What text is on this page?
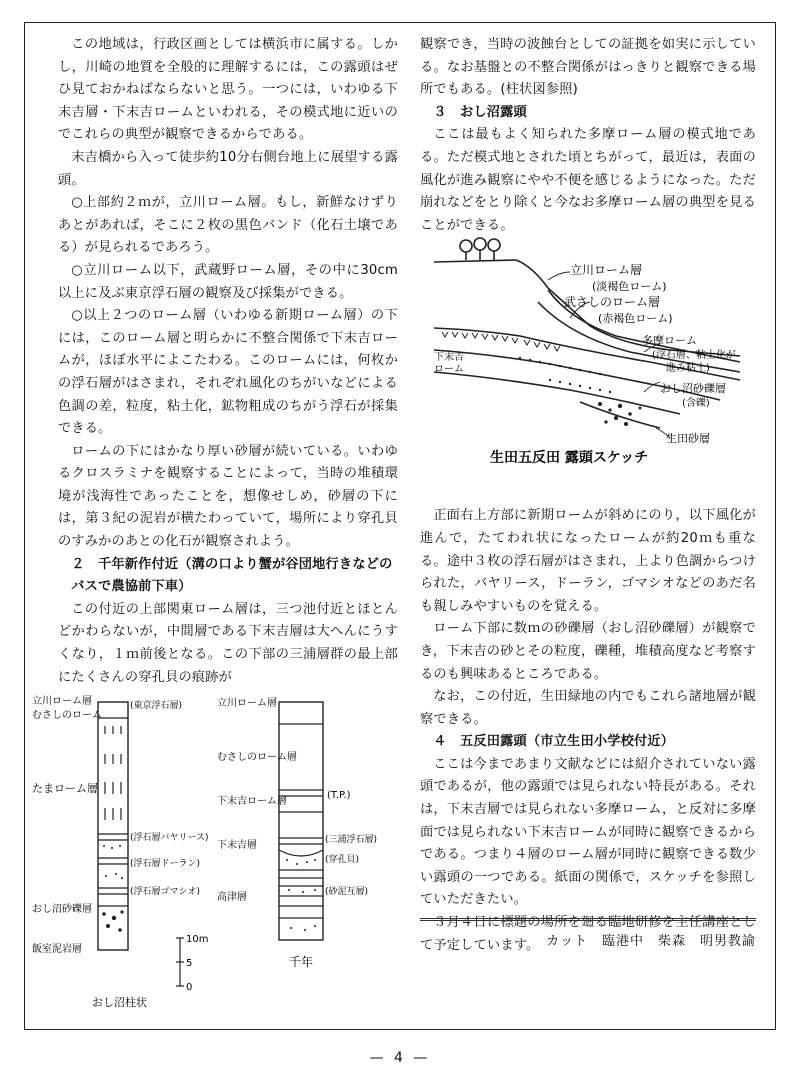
この地域は，行政区画としては横浜市に属する。しかし，川崎の地質を全般的に理解するには，この露頭はぜひ見ておかねばならないと思う。一つには，いわゆる下末吉層・下末吉ロームといわれる，その模式地に近いのでこれらの典型が観察できるからである。

末吉橋から入って徒歩約10分右側台地上に展望する露頭。

○上部約２ｍが，立川ローム層。もし，新鮮なけずりあとがあれば，そこに２枚の黒色バンド（化石土壌である）が見られるであろう。

○立川ローム以下，武蔵野ローム層，その中に30cm 以上に及ぶ東京浮石層の観察及び採集ができる。

○以上２つのローム層（いわゆる新期ローム層）の下には，このローム層と明らかに不整合関係で下末吉ロームが，ほぼ水平によこたわる。このロームには，何枚かの浮石層がはさまれ，それぞれ風化のちがいなどによる色調の差，粒度，粘土化，鉱物粗成のちがう浮石が採集できる。

ロームの下にはかなり厚い砂層が続いている。いわゆるクロスラミナを観察することによって，当時の堆積環境が浅海性であったことを，想像せしめ，砂層の下には，第３紀の泥岩が横たわっていて，場所により穿孔貝のすみかのあとの化石が観察されよう。

２　千年新作付近（溝の口より蟹が谷団地行きなどのバスで農協前下車）

この付近の上部関東ローム層は，三つ池付近とほとんどかわらないが，中間層である下末吉層は大へんにうすくなり，１ｍ前後となる。この下部の三浦層群の最上部にたくさんの穿孔貝の痕跡が

観察でき，当時の波蝕台としての証拠を如実に示している。なお基盤との不整合関係がはっきりと観察できる場所でもある。(柱状図参照)

３　おし沼露頭

ここは最もよく知られた多摩ローム層の模式地である。ただ模式地とされた頃とちがって，最近は，表面の風化が進み観察にやや不便を感じるようになった。ただ崩れなどをとり除くと今なお多摩ローム層の典型を見ることができる。

正面右上方部に新期ロームが斜めにのり，以下風化が進んで，たてわれ状になったロームが約20ｍも重なる。途中３枚の浮石層がはさまれ，上より色調からつけられた，バヤリース，ドーラン，ゴマシオなどのあだ名も親しみやすいものを覚える。

ローム下部に数ｍの砂礫層（おし沼砂礫層）が観察でき，下末吉の砂とその粒度，礫種，堆積高度など考察するのも興味あるところである。

なお，この付近，生田緑地の内でもこれら諸地層が観察できる。

４　五反田露頭（市立生田小学校付近）

ここは今まであまり文献などには紹介されていない露頭であるが，他の露頭では見られない特長がある。それは，下末吉層では見られない多摩ローム，と反対に多摩面では見られない下末吉ロームが同時に観察できるからである。つまり４層のローム層が同時に観察できる数少い露頭の一つである。紙面の関係で，スケッチを参照していただきたい。

３月４日に標題の場所を廻る臨地研修を主任講座として予定しています。

立川ローム層
(淡褐色ローム)
武さしのローム層
(赤褐色ローム)
多摩ローム
(浮石層、粘土化が
進み粘土)
下末吉
ローム
おし沼砂礫層
(含礫)
生田砂層
生田五反田 露頭スケッチ
10m
5
0
立川ローム層
むさしのローム
(東京浮石層)
たまローム層
(浮石層バヤリース)
(浮石層ドーラン)
(浮石層ゴマシオ)
おし沼砂礫層
飯室泥岩層
おし沼柱状
立川ローム層
むさしのローム層
(T.P.)
下末吉ローム層
(三浦浮石層)
下末吉層
(穿孔貝)
(砂泥互層)
高津層
千年
カット　臨港中　柴森　明男教諭
— 4 —
